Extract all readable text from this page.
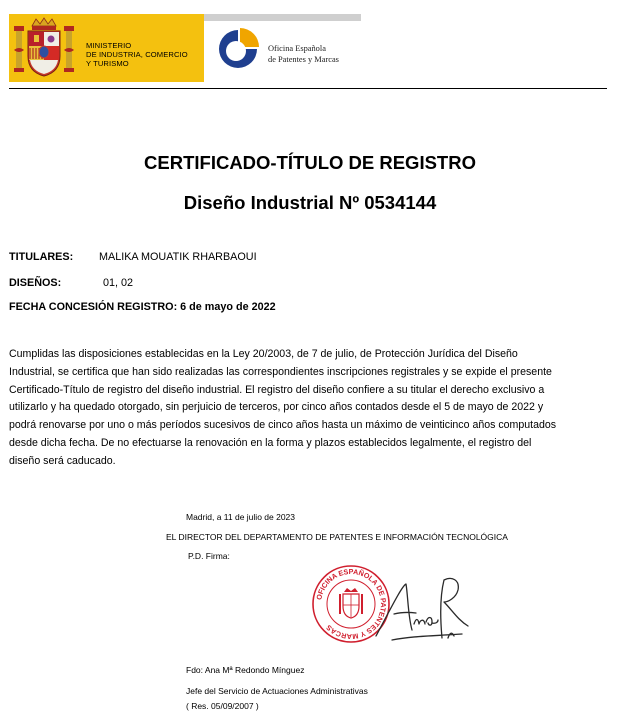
MINISTERIO
DE INDUSTRIA, COMERCIO
Y TURISMO
Oficina Española
de Patentes y Marcas
CERTIFICADO-TÍTULO DE REGISTRO
Diseño Industrial Nº 0534144
TITULARES: MALIKA MOUATIK RHARBAOUI
DISEÑOS:	01, 02
FECHA CONCESIÓN REGISTRO: 6 de mayo de 2022
Cumplidas las disposiciones establecidas en la Ley 20/2003, de 7 de julio, de Protección Jurídica del Diseño
Industrial, se certifica que han sido realizadas las correspondientes inscripciones registrales y se expide el presente
Certificado-Título de registro del diseño industrial. El registro del diseño confiere a su titular el derecho exclusivo a
utilizarlo y ha quedado otorgado, sin perjuicio de terceros, por cinco años contados desde el 5 de mayo de 2022 y
podrá renovarse por uno o más períodos sucesivos de cinco años hasta un máximo de veinticinco años computados
desde dicha fecha. De no efectuarse la renovación en la forma y plazos establecidos legalmente, el registro del
diseño será caducado.
Madrid, a 11 de julio de 2023
EL DIRECTOR DEL DEPARTAMENTO DE PATENTES E INFORMACIÓN TECNOLÓGICA
P.D. Firma:
OFICINA ESPAÑOLA DE PATENTES Y MARCAS
Fdo: Ana Mª Redondo Mínguez
Jefe del Servicio de Actuaciones Administrativas
( Res. 05/09/2007 )
